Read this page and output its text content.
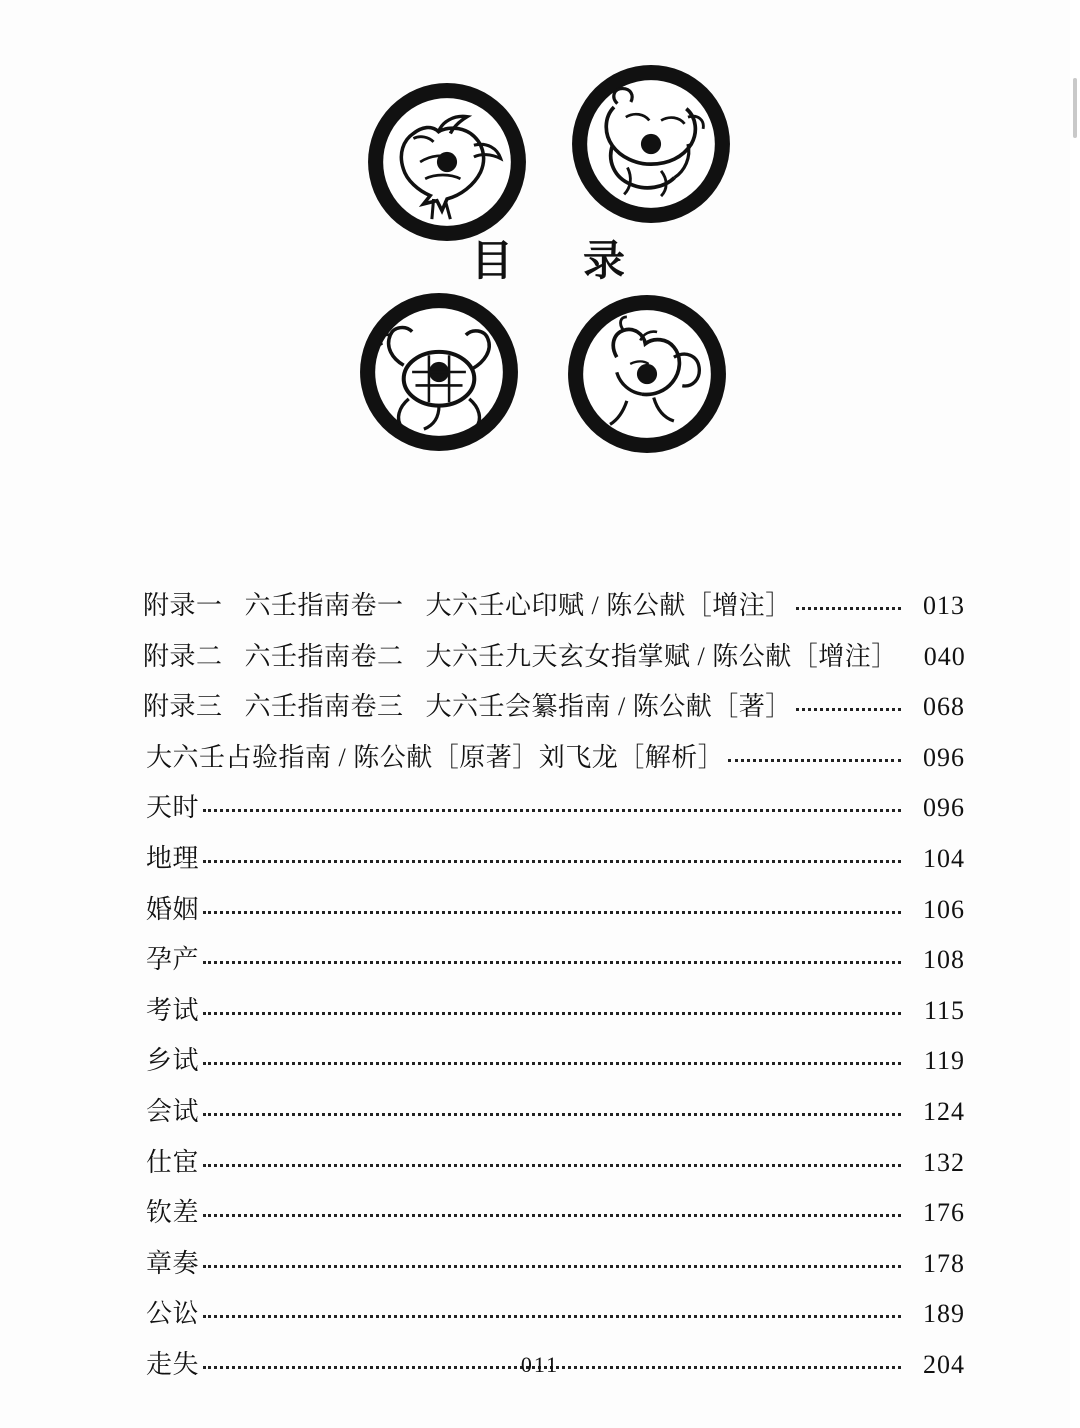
目　录
附录一 六壬指南卷一 大六壬心印赋 / 陈公献［增注］	013
附录二 六壬指南卷二 大六壬九天玄女指掌赋 / 陈公献［增注］	040
附录三 六壬指南卷三 大六壬会纂指南 / 陈公献［著］	068
大六壬占验指南 / 陈公献［原著］刘飞龙［解析］	096
天时	096
地理	104
婚姻	106
孕产	108
考试	115
乡试	119
会试	124
仕宦	132
钦差	176
章奏	178
公讼	189
走失	204
011
